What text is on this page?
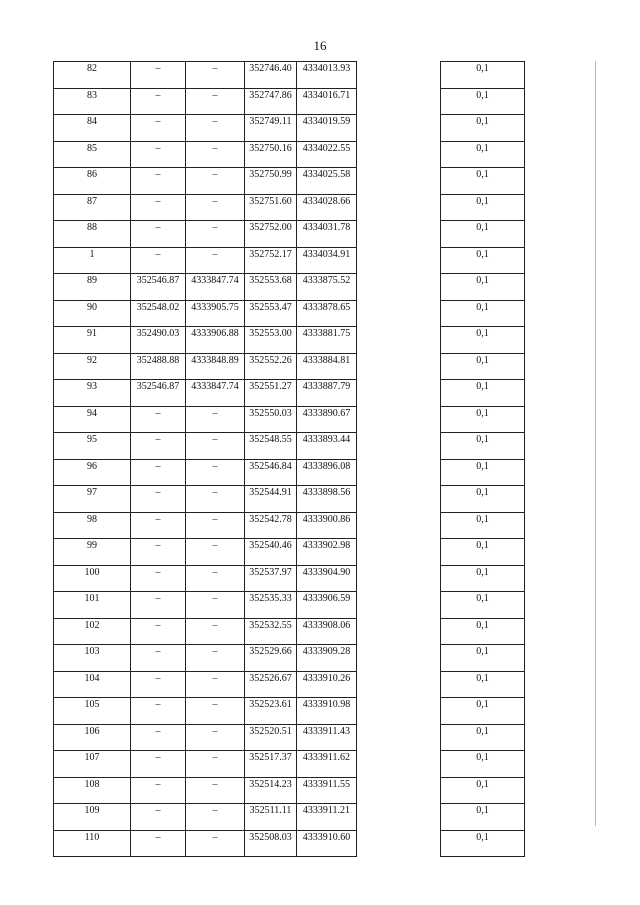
16
82	–	–	352746.40	4334013.93		0,1
83	–	–	352747.86	4334016.71		0,1
84	–	–	352749.11	4334019.59		0,1
85	–	–	352750.16	4334022.55		0,1
86	–	–	352750.99	4334025.58		0,1
87	–	–	352751.60	4334028.66		0,1
88	–	–	352752.00	4334031.78		0,1
1	–	–	352752.17	4334034.91		0,1
89	352546.87	4333847.74	352553.68	4333875.52		0,1
90	352548.02	4333905.75	352553.47	4333878.65		0,1
91	352490.03	4333906.88	352553.00	4333881.75		0,1
92	352488.88	4333848.89	352552.26	4333884.81		0,1
93	352546.87	4333847.74	352551.27	4333887.79		0,1
94	–	–	352550.03	4333890.67		0,1
95	–	–	352548.55	4333893.44		0,1
96	–	–	352546.84	4333896.08		0,1
97	–	–	352544.91	4333898.56		0,1
98	–	–	352542.78	4333900.86		0,1
99	–	–	352540.46	4333902.98		0,1
100	–	–	352537.97	4333904.90		0,1
101	–	–	352535.33	4333906.59		0,1
102	–	–	352532.55	4333908.06		0,1
103	–	–	352529.66	4333909.28		0,1
104	–	–	352526.67	4333910.26		0,1
105	–	–	352523.61	4333910.98		0,1
106	–	–	352520.51	4333911.43		0,1
107	–	–	352517.37	4333911.62		0,1
108	–	–	352514.23	4333911.55		0,1
109	–	–	352511.11	4333911.21		0,1
110	–	–	352508.03	4333910.60		0,1
